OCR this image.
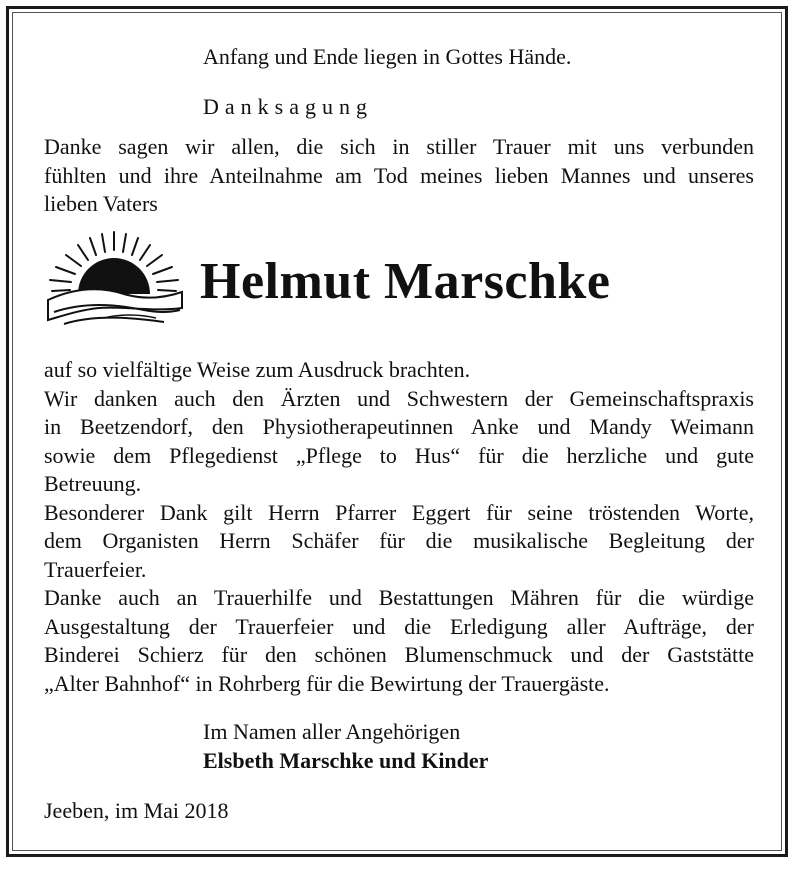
Anfang und Ende liegen in Gottes Hände.
Danksagung
Danke sagen wir allen, die sich in stiller Trauer mit uns verbunden
fühlten und ihre Anteilnahme am Tod meines lieben Mannes und unseres
lieben Vaters
Helmut Marschke
auf so vielfältige Weise zum Ausdruck brachten.
Wir danken auch den Ärzten und Schwestern der Gemeinschaftspraxis
in Beetzendorf, den Physiotherapeutinnen Anke und Mandy Weimann
sowie dem Pflegedienst „Pflege to Hus“ für die herzliche und gute
Betreuung.
Besonderer Dank gilt Herrn Pfarrer Eggert für seine tröstenden Worte,
dem Organisten Herrn Schäfer für die musikalische Begleitung der
Trauerfeier.
Danke auch an Trauerhilfe und Bestattungen Mähren für die würdige
Ausgestaltung der Trauerfeier und die Erledigung aller Aufträge, der
Binderei Schierz für den schönen Blumenschmuck und der Gaststätte
„Alter Bahnhof“ in Rohrberg für die Bewirtung der Trauergäste.
Im Namen aller Angehörigen
Elsbeth Marschke und Kinder
Jeeben, im Mai 2018
